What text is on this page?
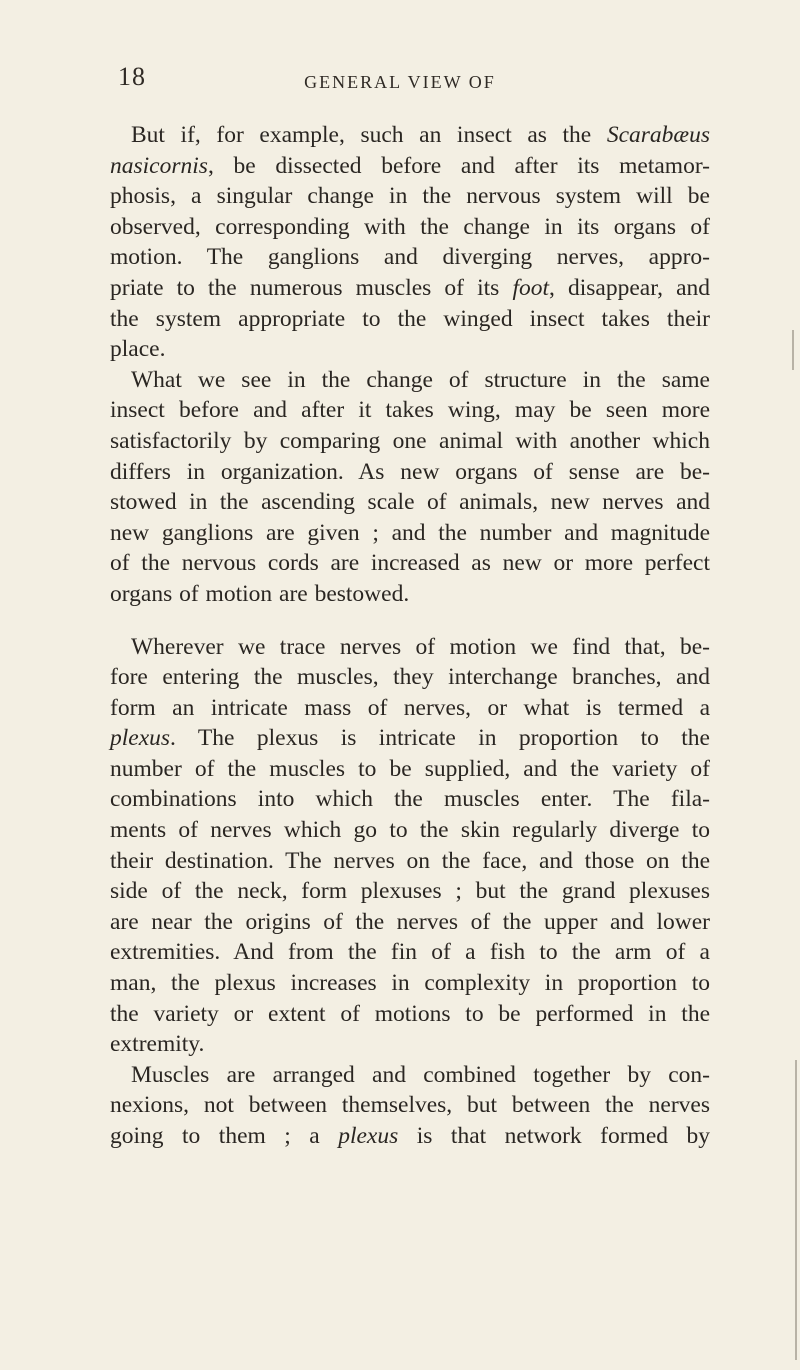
18	GENERAL VIEW OF
But if, for example, such an insect as the Scarabæus
nasicornis, be dissected before and after its metamor-
phosis, a singular change in the nervous system will be
observed, corresponding with the change in its organs of
motion. The ganglions and diverging nerves, appro-
priate to the numerous muscles of its foot, disappear, and
the system appropriate to the winged insect takes their
place.
What we see in the change of structure in the same
insect before and after it takes wing, may be seen more
satisfactorily by comparing one animal with another which
differs in organization. As new organs of sense are be-
stowed in the ascending scale of animals, new nerves and
new ganglions are given ; and the number and magnitude
of the nervous cords are increased as new or more perfect
organs of motion are bestowed.
Wherever we trace nerves of motion we find that, be-
fore entering the muscles, they interchange branches, and
form an intricate mass of nerves, or what is termed a
plexus. The plexus is intricate in proportion to the
number of the muscles to be supplied, and the variety of
combinations into which the muscles enter. The fila-
ments of nerves which go to the skin regularly diverge to
their destination. The nerves on the face, and those on the
side of the neck, form plexuses ; but the grand plexuses
are near the origins of the nerves of the upper and lower
extremities. And from the fin of a fish to the arm of a
man, the plexus increases in complexity in proportion to
the variety or extent of motions to be performed in the
extremity.
Muscles are arranged and combined together by con-
nexions, not between themselves, but between the nerves
going to them ; a plexus is that network formed by
